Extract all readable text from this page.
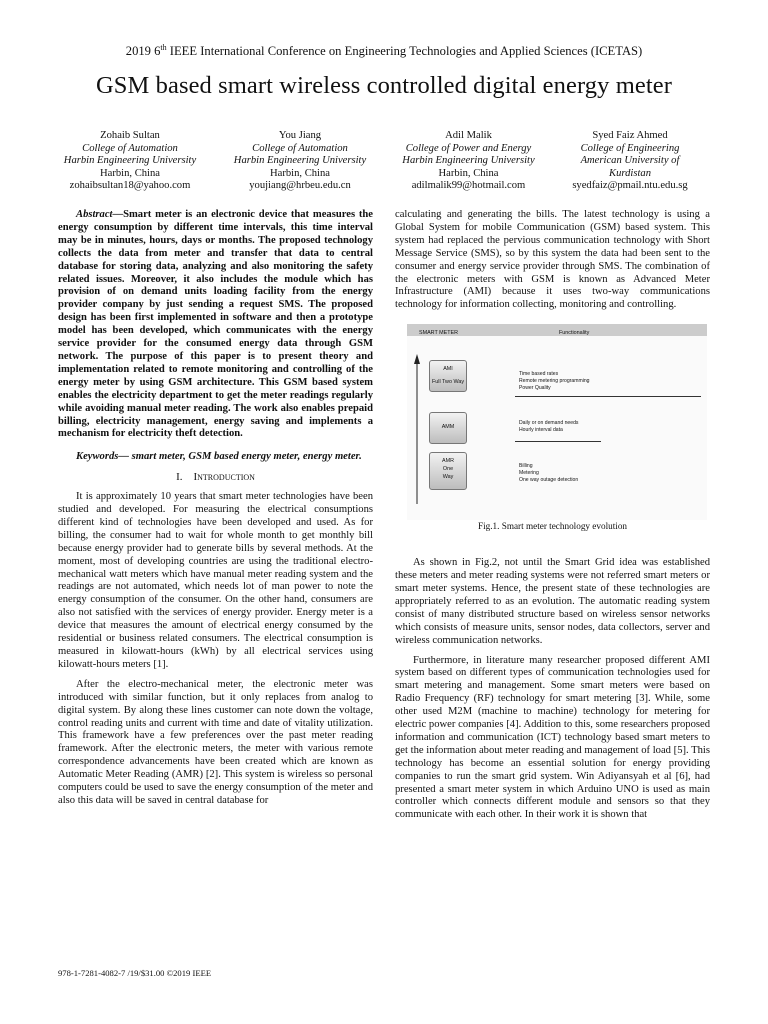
2019 6th IEEE International Conference on Engineering Technologies and Applied Sciences (ICETAS)
GSM based smart wireless controlled digital energy meter
Zohaib Sultan
College of Automation
Harbin Engineering University
Harbin, China
zohaibsultan18@yahoo.com
You Jiang
College of Automation
Harbin Engineering University
Harbin, China
youjiang@hrbeu.edu.cn
Adil Malik
College of Power and Energy
Harbin Engineering University
Harbin, China
adilmalik99@hotmail.com
Syed Faiz Ahmed
College of Engineering
American University of Kurdistan
syedfaiz@pmail.ntu.edu.sg

Abstract—Smart meter is an electronic device that measures the energy consumption by different time intervals, this time interval may be in minutes, hours, days or months. The proposed technology collects the data from meter and transfer that data to central database for storing data, analyzing and also monitoring the safety related issues. Moreover, it also includes the module which has provision of on demand units loading facility from the energy provider company by just sending a request SMS. The proposed design has been first implemented in software and then a prototype model has been developed, which communicates with the energy service provider for the consumed energy data through GSM network. The purpose of this paper is to present theory and implementation related to remote monitoring and controlling of the energy meter by using GSM architecture. This GSM based system enables the electricity department to get the meter readings regularly while avoiding manual meter reading. The work also enables prepaid billing, electricity management, energy saving and implements a mechanism for electricity theft detection.

Keywords— smart meter, GSM based energy meter, energy meter.

I. Introduction

It is approximately 10 years that smart meter technologies have been studied and developed. For measuring the electrical consumptions different kind of technologies have been developed and used. As for billing, the consumer had to wait for whole month to get monthly bill because energy provider had to generate bills by several methods. At the moment, most of developing countries are using the traditional electro-mechanical watt meters which have manual meter reading system and the readings are not automated, which needs lot of man power to note the energy consumption of the consumer. On the other hand, consumers are also not satisfied with the services of energy provider. Energy meter is a device that measures the amount of electrical energy consumed by the residential or business related consumers. The electrical consumption is measured in kilowatt-hours (kWh) by all electrical services using kilowatt-hours meters [1].

After the electro-mechanical meter, the electronic meter was introduced with similar function, but it only replaces from analog to digital system. By along these lines customer can note down the voltage, control reading units and current with time and date of vitality utilization. This framework have a few preferences over the past meter reading framework. After the electronic meters, the meter with various remote correspondence advancements have been created which are known as Automatic Meter Reading (AMR) [2]. This system is wireless so personal computers could be used to save the energy consumption of the meter and also this data will be saved in central database for

calculating and generating the bills. The latest technology is using a Global System for mobile Communication (GSM) based system. This system had replaced the pervious communication technology with Short Message Service (SMS), so by this system the data had been sent to the consumer and energy service provider through SMS. The combination of the electronic meters with GSM is known as Advanced Meter Infrastructure (AMI) because it uses two-way communications technology for information collecting, monitoring and controlling.

SMART METER	Functionality
AMI
Full Two Way
AMM
AMR
One
Way
Time based rates
Remote metering programming
Power Quality
Daily or on demand needs
Hourly interval data
Billing
Metering
One way outage detection

Fig.1. Smart meter technology evolution

As shown in Fig.2, not until the Smart Grid idea was established these meters and meter reading systems were not referred smart meters or smart meter systems. Hence, the present state of these technologies are appropriately referred to as an evolution. The automatic reading system consist of many distributed structure based on wireless sensor networks which consists of measure units, sensor nodes, data collectors, server and wireless communication networks.

Furthermore, in literature many researcher proposed different AMI system based on different types of communication technologies used for smart metering and management. Some smart meters were based on Radio Frequency (RF) technology for smart metering [3]. While, some other used M2M (machine to machine) technology for metering for electric power companies [4]. Addition to this, some researchers proposed information and communication (ICT) technology based smart meters to get the information about meter reading and management of load [5]. This technology has become an essential solution for energy providing companies to run the smart grid system. Win Adiyansyah et al [6], had presented a smart meter system in which Arduino UNO is used as main controller which connects different module and sensors so that they communicate with each other. In their work it is shown that

978-1-7281-4082-7 /19/$31.00 ©2019 IEEE
